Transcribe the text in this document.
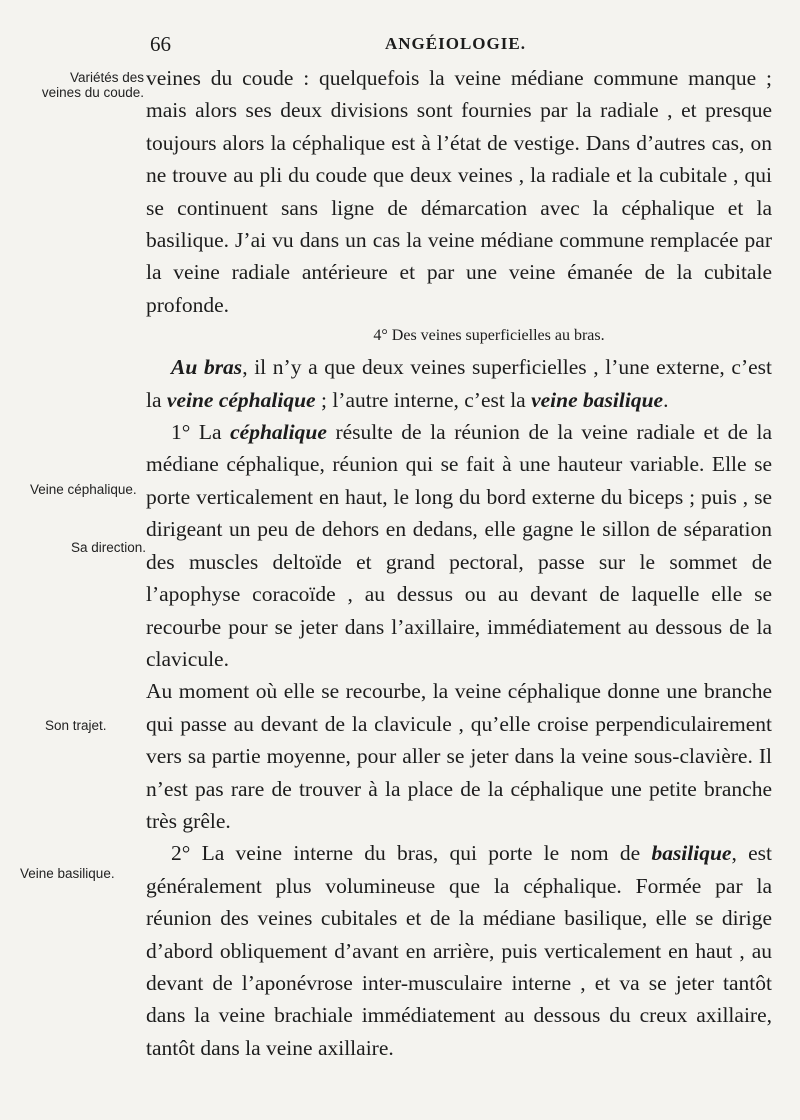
66	ANGÉIOLOGIE.
Variétés des veines du coude.
Veine céphalique.
Sa direction.
Son trajet.
Veine basilique.

veines du coude : quelquefois la veine médiane commune manque ; mais alors ses deux divisions sont fournies par la radiale , et presque toujours alors la céphalique est à l’état de vestige. Dans d’autres cas, on ne trouve au pli du coude que deux veines , la radiale et la cubitale , qui se continuent sans ligne de démarcation avec la céphalique et la basilique. J’ai vu dans un cas la veine médiane commune remplacée par la veine radiale antérieure et par une veine émanée de la cubitale profonde.

4° Des veines superficielles au bras.

Au bras, il n’y a que deux veines superficielles , l’une externe, c’est la veine céphalique ; l’autre interne, c’est la veine basilique.

1° La céphalique résulte de la réunion de la veine radiale et de la médiane céphalique, réunion qui se fait à une hauteur variable. Elle se porte verticalement en haut, le long du bord externe du biceps ; puis , se dirigeant un peu de dehors en dedans, elle gagne le sillon de séparation des muscles deltoïde et grand pectoral, passe sur le sommet de l’apophyse coracoïde , au dessus ou au devant de laquelle elle se recourbe pour se jeter dans l’axillaire, immédiatement au dessous de la clavicule.

Au moment où elle se recourbe, la veine céphalique donne une branche qui passe au devant de la clavicule , qu’elle croise perpendiculairement vers sa partie moyenne, pour aller se jeter dans la veine sous-clavière. Il n’est pas rare de trouver à la place de la céphalique une petite branche très grêle.

2° La veine interne du bras, qui porte le nom de basilique, est généralement plus volumineuse que la céphalique. Formée par la réunion des veines cubitales et de la médiane basilique, elle se dirige d’abord obliquement d’avant en arrière, puis verticalement en haut , au devant de l’aponévrose inter-musculaire interne , et va se jeter tantôt dans la veine brachiale immédiatement au dessous du creux axillaire, tantôt dans la veine axillaire.
